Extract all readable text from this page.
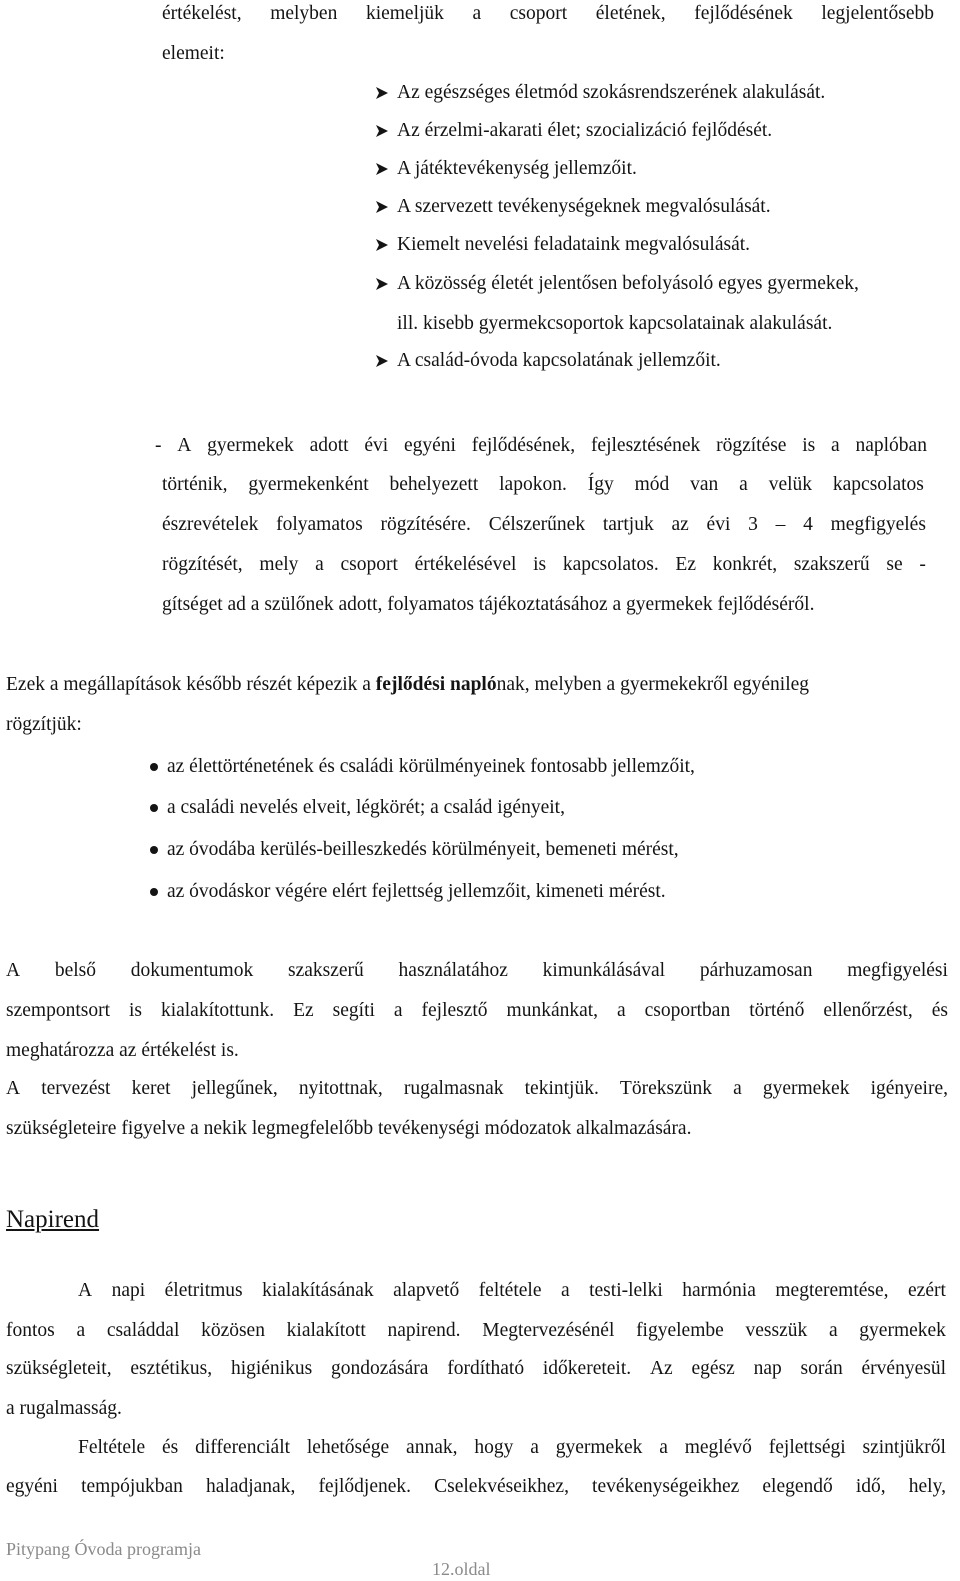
értékelést, melyben kiemeljük a csoport életének, fejlődésének legjelentősebb
elemeit:
Az egészséges életmód szokásrendszerének alakulását.
Az érzelmi-akarati élet; szocializáció fejlődését.
A játéktevékenység jellemzőit.
A szervezett tevékenységeknek megvalósulását.
Kiemelt nevelési feladataink megvalósulását.
A közösség életét jelentősen befolyásoló egyes gyermekek,
ill. kisebb gyermekcsoportok kapcsolatainak alakulását.
A család-óvoda kapcsolatának jellemzőit.
- A gyermekek adott évi egyéni fejlődésének, fejlesztésének rögzítése is a naplóban
történik, gyermekenként behelyezett lapokon. Így mód van a velük kapcsolatos
észrevételek folyamatos rögzítésére. Célszerűnek tartjuk az évi 3 – 4 megfigyelés
rögzítését, mely a csoport értékelésével is kapcsolatos. Ez konkrét, szakszerű se -
gítséget ad a szülőnek adott, folyamatos tájékoztatásához a gyermekek fejlődéséről.
Ezek a megállapítások később részét képezik a fejlődési naplónak, melyben a gyermekekről egyénileg
rögzítjük:
az élettörténetének és családi körülményeinek fontosabb jellemzőit,
a családi nevelés elveit, légkörét; a család igényeit,
az óvodába kerülés-beilleszkedés körülményeit, bemeneti mérést,
az óvodáskor végére elért fejlettség jellemzőit, kimeneti mérést.
A belső dokumentumok szakszerű használatához kimunkálásával párhuzamosan megfigyelési
szempontsort is kialakítottunk. Ez segíti a fejlesztő munkánkat, a csoportban történő ellenőrzést, és
meghatározza az értékelést is.
A tervezést keret jellegűnek, nyitottnak, rugalmasnak tekintjük. Törekszünk a gyermekek igényeire,
szükségleteire figyelve a nekik legmegfelelőbb tevékenységi módozatok alkalmazására.
Napirend
A napi életritmus kialakításának alapvető feltétele a testi-lelki harmónia megteremtése, ezért
fontos a családdal közösen kialakított napirend. Megtervezésénél figyelembe vesszük a gyermekek
szükségleteit, esztétikus, higiénikus gondozására fordítható időkereteit. Az egész nap során érvényesül
a rugalmasság.
Feltétele és differenciált lehetősége annak, hogy a gyermekek a meglévő fejlettségi szintjükről
egyéni tempójukban haladjanak, fejlődjenek. Cselekvéseikhez, tevékenységeikhez elegendő idő, hely,
Pitypang Óvoda programja
12.oldal
